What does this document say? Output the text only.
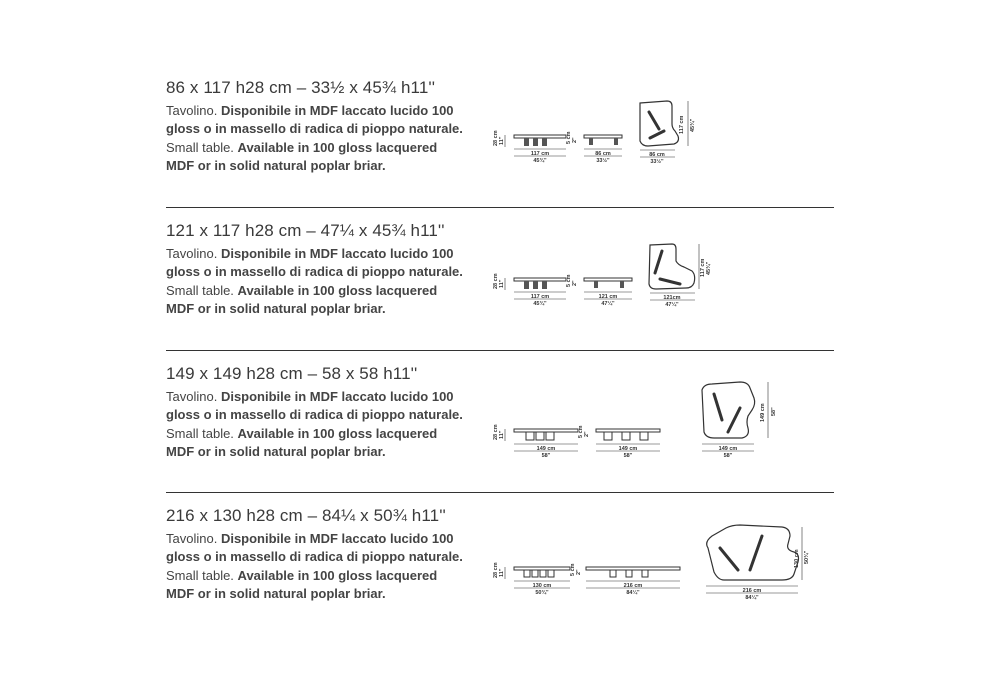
86 x 117 h28 cm – 33½ x 45¾ h11''
Tavolino. Disponibile in MDF laccato lucido 100 gloss o in massello di radica di pioppo naturale. Small table. Available in 100 gloss lacquered MDF or in solid natural poplar briar.
28 cm 11"
117 cm
45¾"
5 cm 2"
86 cm
33½"
117 cm 45¾"
86 cm
33½"
121 x 117 h28 cm – 47¼ x 45¾ h11''
Tavolino. Disponibile in MDF laccato lucido 100 gloss o in massello di radica di pioppo naturale. Small table. Available in 100 gloss lacquered MDF or in solid natural poplar briar.
28 cm 11"
117 cm
45¾"
5 cm 2"
121 cm
47¼"
117 cm 45¾"
121cm
47¼"
149 x 149 h28 cm – 58 x 58 h11''
Tavolino. Disponibile in MDF laccato lucido 100 gloss o in massello di radica di pioppo naturale. Small table. Available in 100 gloss lacquered MDF or in solid natural poplar briar.
28 cm 11"
149 cm
58"
5 cm 2"
149 cm
58"
149 cm 58"
149 cm
58"
216 x 130 h28 cm – 84¼ x 50¾ h11''
Tavolino. Disponibile in MDF laccato lucido 100 gloss o in massello di radica di pioppo naturale. Small table. Available in 100 gloss lacquered MDF or in solid natural poplar briar.
28 cm 11"
130 cm
50¾"
5 cm 2"
216 cm
84¼"
130 cm 50¾"
216 cm
84¼"
